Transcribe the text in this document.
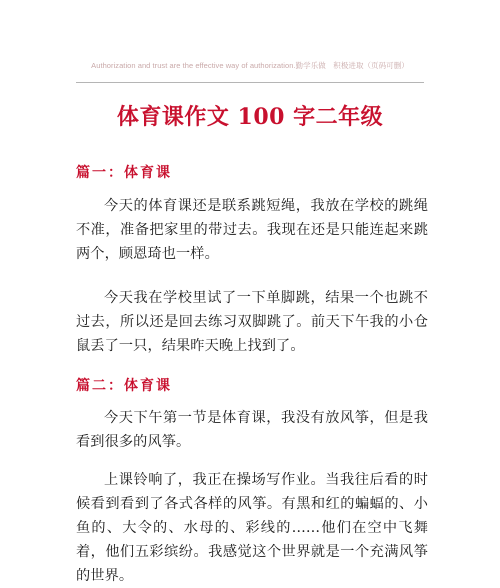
Authorization and trust are the effective way of authorization.勤学乐做　积极进取（页码可删）
体育课作文 100 字二年级
篇一：体育课

今天的体育课还是联系跳短绳，我放在学校的跳绳不准，准备把家里的带过去。我现在还是只能连起来跳两个，顾恩琦也一样。

今天我在学校里试了一下单脚跳，结果一个也跳不过去，所以还是回去练习双脚跳了。前天下午我的小仓鼠丢了一只，结果昨天晚上找到了。

篇二：体育课

今天下午第一节是体育课，我没有放风筝，但是我看到很多的风筝。

上课铃响了，我正在操场写作业。当我往后看的时候看到看到了各式各样的风筝。有黑和红的蝙蝠的、小鱼的、大令的、水母的、彩线的……他们在空中飞舞着，他们五彩缤纷。我感觉这个世界就是一个充满风筝的世界。
